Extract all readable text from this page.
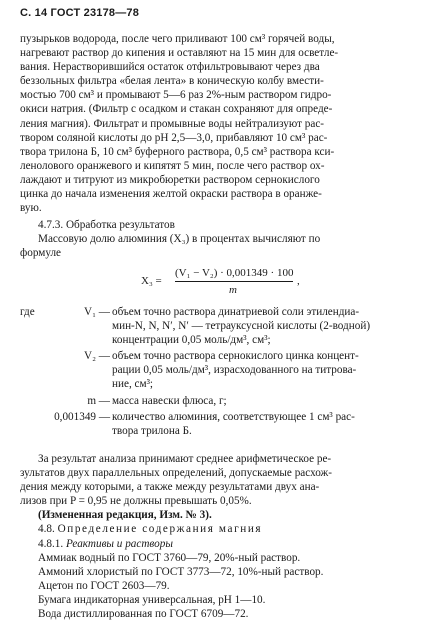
С. 14 ГОСТ 23178—78

пузырьков водорода, после чего приливают 100 см³ горячей воды,

нагревают раствор до кипения и оставляют на 15 мин для осветле-

вания. Нерастворившийся остаток отфильтровывают через два

беззольных фильтра «белая лента» в коническую колбу вмести-

мостью 700 см³ и промывают 5—6 раз 2%-ным раствором гидро-

окиси натрия. (Фильтр с осадком и стакан сохраняют для опреде-

ления магния). Фильтрат и промывные воды нейтрализуют рас-

твором соляной кислоты до pH 2,5—3,0, прибавляют 10 см³ рас-

твора трилона Б, 10 см³ буферного раствора, 0,5 см³ раствора кси-

ленолового оранжевого и кипятят 5 мин, после чего раствор ох-

лаждают и титруют из микробюретки раствором сернокислого

цинка до начала изменения желтой окраски раствора в оранже-

вую.

4.7.3. Обработка результатов

Массовую долю алюминия (X₃) в процентах вычисляют по

формуле

X₃ =
(V₁ − V₂) · 0,001349 · 100
m
,
где	V₁ — объем точно раствора динатриевой соли этилендиа-

мин-N, N, N′, N′ — тетрауксусной кислоты (2-водной)

концентрации 0,05 моль/дм³, см³;

V₂ — объем точно раствора сернокислого цинка концент-

рации 0,05 моль/дм³, израсходованного на титрова-

ние, см³;

m — масса навески флюса, г;

0,001349 — количество алюминия, соответствующее 1 см³ рас-

твора трилона Б.

За результат анализа принимают среднее арифметическое ре-

зультатов двух параллельных определений, допускаемые расхож-

дения между которыми, а также между результатами двух ана-

лизов при P = 0,95 не должны превышать 0,05%.

(Измененная редакция, Изм. № 3).

4.8. Определение содержания магния

4.8.1. Реактивы и растворы

Аммиак водный по ГОСТ 3760—79, 20%-ный раствор.

Аммоний хлористый по ГОСТ 3773—72, 10%-ный раствор.

Ацетон по ГОСТ 2603—79.

Бумага индикаторная универсальная, pH 1—10.

Вода дистиллированная по ГОСТ 6709—72.
